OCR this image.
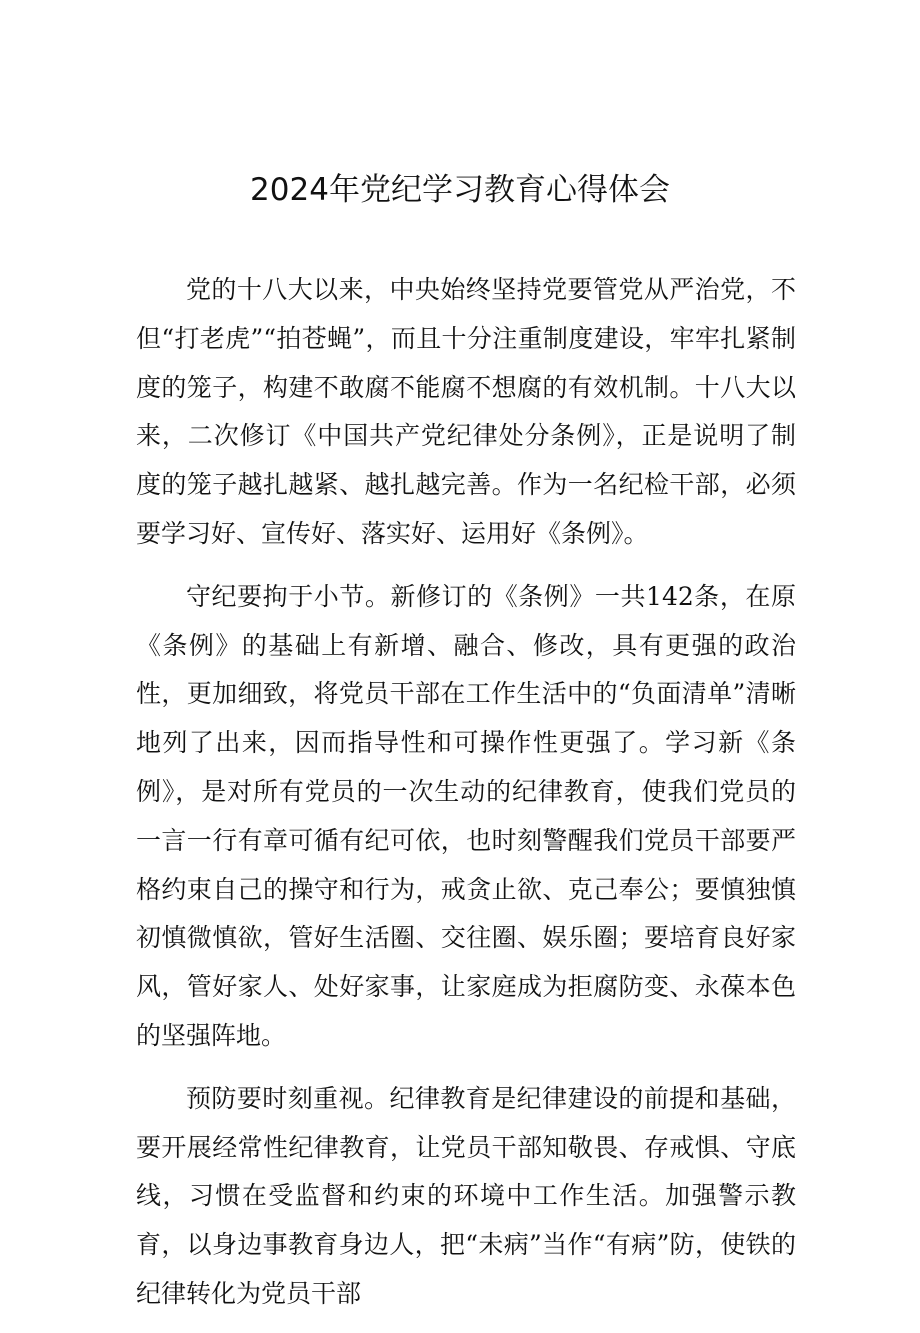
2024年党纪学习教育心得体会

党的十八大以来，中央始终坚持党要管党从严治党，不但“打老虎”“拍苍蝇”，而且十分注重制度建设，牢牢扎紧制度的笼子，构建不敢腐不能腐不想腐的有效机制。十八大以来，二次修订《中国共产党纪律处分条例》，正是说明了制度的笼子越扎越紧、越扎越完善。作为一名纪检干部，必须要学习好、宣传好、落实好、运用好《条例》。

守纪要拘于小节。新修订的《条例》一共142条，在原《条例》的基础上有新增、融合、修改，具有更强的政治性，更加细致，将党员干部在工作生活中的“负面清单”清晰地列了出来，因而指导性和可操作性更强了。学习新《条例》，是对所有党员的一次生动的纪律教育，使我们党员的一言一行有章可循有纪可依，也时刻警醒我们党员干部要严格约束自己的操守和行为，戒贪止欲、克己奉公；要慎独慎初慎微慎欲，管好生活圈、交往圈、娱乐圈；要培育良好家风，管好家人、处好家事，让家庭成为拒腐防变、永葆本色的坚强阵地。

预防要时刻重视。纪律教育是纪律建设的前提和基础，要开展经常性纪律教育，让党员干部知敬畏、存戒惧、守底线，习惯在受监督和约束的环境中工作生活。加强警示教育，以身边事教育身边人，把“未病”当作“有病”防，使铁的纪律转化为党员干部
